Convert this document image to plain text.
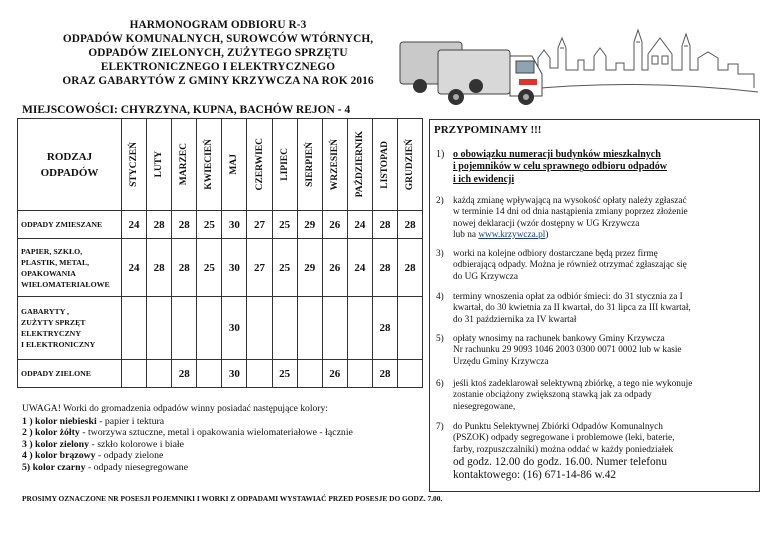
HARMONOGRAM ODBIORU R-3
ODPADÓW KOMUNALNYCH, SUROWCÓW WTÓRNYCH,
ODPADÓW ZIELONYCH, ZUŻYTEGO SPRZĘTU
ELEKTRONICZNEGO I ELEKTRYCZNEGO
ORAZ GABARYTÓW Z GMINY KRZYWCZA NA ROK 2016
MIEJSCOWOŚCI: CHYRZYNA, KUPNA, BACHÓW REJON - 4
RODZAJ
ODPADÓW	STYCZEŃ	LUTY	MARZEC	KWIECIEŃ	MAJ	CZERWIEC	LIPIEC	SIERPIEŃ	WRZESIEŃ	PAŹDZIERNIK	LISTOPAD	GRUDZIEŃ

ODPADY ZMIESZANE	24	28	28	25	30	27	25	29	26	24	28	28

PAPIER, SZKŁO,
PLASTIK, METAL,
OPAKOWANIA
WIELOMATERIAŁOWE	24	28	28	25	30	27	25	29	26	24	28	28

GABARYTY ,
ZUŻYTY SPRZĘT
ELEKTRYCZNY
I ELEKTRONICZNY					30						28	

ODPADY ZIELONE			28		30		25		26		28	
UWAGA! Worki do gromadzenia odpadów winny posiadać następujące kolory:
1 ) kolor niebieski - papier i tektura
2 ) kolor żółty - tworzywa sztuczne, metal i opakowania wielomateriałowe - łącznie
3 ) kolor zielony - szkło kolorowe i białe
4 ) kolor brązowy - odpady zielone
5) kolor czarny - odpady niesegregowane
PROSIMY OZNACZONE NR POSESJI POJEMNIKI I WORKI Z ODPADAMI WYSTAWIAĆ PRZED POSESJE DO GODZ. 7.00.
PRZYPOMINAMY !!!
1) o obowiązku numeracji budynków mieszkalnych
i pojemników w celu sprawnego odbioru odpadów
i ich ewidencji
2) każdą zmianę wpływającą na wysokość opłaty należy zgłaszać
w terminie 14 dni od dnia nastąpienia zmiany poprzez złożenie
nowej deklaracji (wzór dostępny w UG Krzywcza
lub na www.krzywcza.pl)
3) worki na kolejne odbiory dostarczane będą przez firmę
odbierającą odpady. Można je również otrzymać zgłaszając się
do UG Krzywcza
4) terminy wnoszenia opłat za odbiór śmieci: do 31 stycznia za I
kwartał, do 30 kwietnia za II kwartał, do 31 lipca za III kwartał,
do 31 października za IV kwartał
5) opłaty wnosimy na rachunek bankowy Gminy Krzywcza
Nr rachunku 29 9093 1046 2003 0300 0071 0002 lub w kasie
Urzędu Gminy Krzywcza
6) jeśli ktoś zadeklarował selektywną zbiórkę, a tego nie wykonuje
zostanie obciążony zwiększoną stawką jak za odpady
niesegregowane,
7) do Punktu Selektywnej Zbiórki Odpadów Komunalnych
(PSZOK) odpady segregowane i problemowe (leki, baterie,
farby, rozpuszczalniki) można oddać w każdy poniedziałek
od godz. 12.00 do godz. 16.00. Numer telefonu
kontaktowego: (16) 671-14-86 w.42
